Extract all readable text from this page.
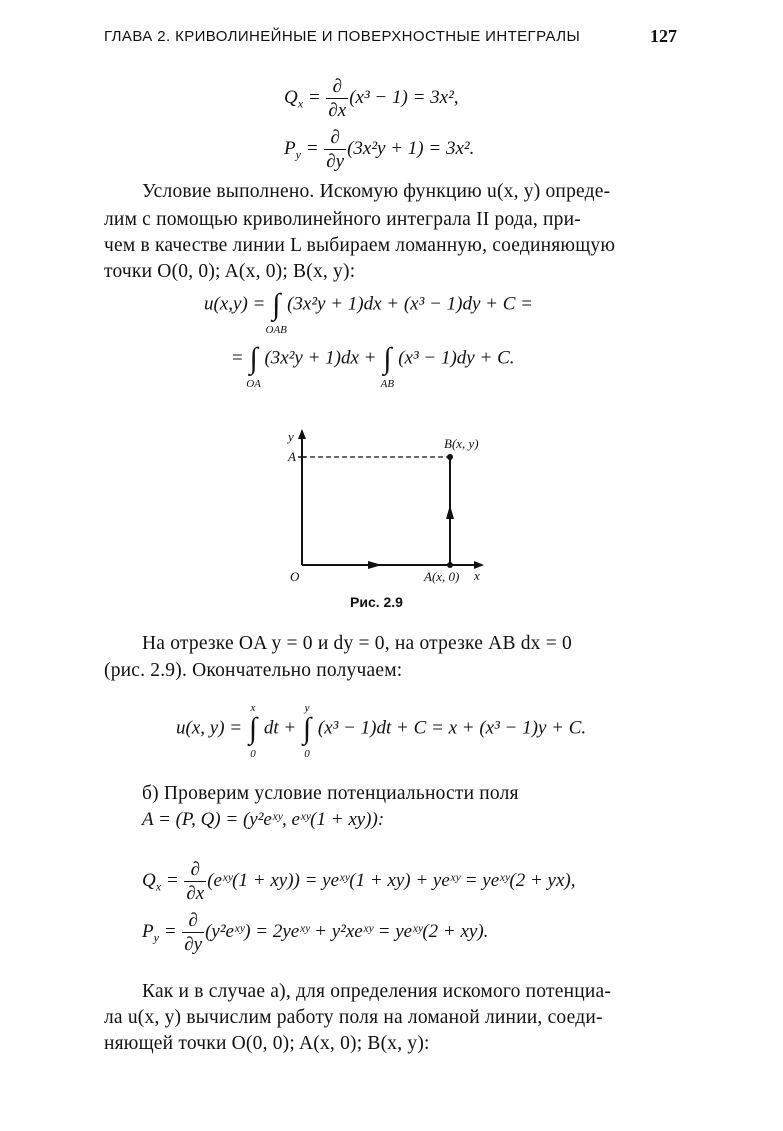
ГЛАВА 2. КРИВОЛИНЕЙНЫЕ И ПОВЕРХНОСТНЫЕ ИНТЕГРАЛЫ	127
$Q_x = \frac{\partial}{\partial x} (x^3 - 1) = 3x^2$,
$P_y = \frac{\partial}{\partial y} (3x^2y + 1) = 3x^2$.
Условие выполнено. Искомую функцию u(x, y) опреде-
лим с помощью криволинейного интеграла II рода, при-
чем в качестве линии L выбираем ломанную, соединяющую
точки O(0, 0); A(x, 0); B(x, y):
u(x,y) = ∫
OAB
(3x²y + 1)dx + (x³ − 1)dy + C =
= ∫
OA
(3x²y + 1)dx + ∫
AB
(x³ − 1)dy + C.
y
A
B(x, y)
O	A(x, 0) x
Рис. 2.9
На отрезке OA y = 0 и dy = 0, на отрезке AB dx = 0
(рис. 2.9). Окончательно получаем:
u(x, y) =
x
∫
0
dt +
y
∫
0
(x³ − 1)dt + C = x + (x³ − 1)y + C.
б) Проверим условие потенциальности поля
A = (P, Q) = (y²eˣʸ, eˣʸ(1 + xy)):
$Q_x = \frac{\partial}{\partial x}$ (eˣʸ(1 + xy)) = yeˣʸ(1 + xy) + yeˣʸ = yeˣʸ(2 + yx),
$P_y = \frac{\partial}{\partial y}$ (y²eˣʸ) = 2yeˣʸ + y²xeˣʸ = yeˣʸ(2 + xy).
Как и в случае а), для определения искомого потенциа-
ла u(x, y) вычислим работу поля на ломаной линии, соеди-
няющей точки O(0, 0); A(x, 0); B(x, y):
